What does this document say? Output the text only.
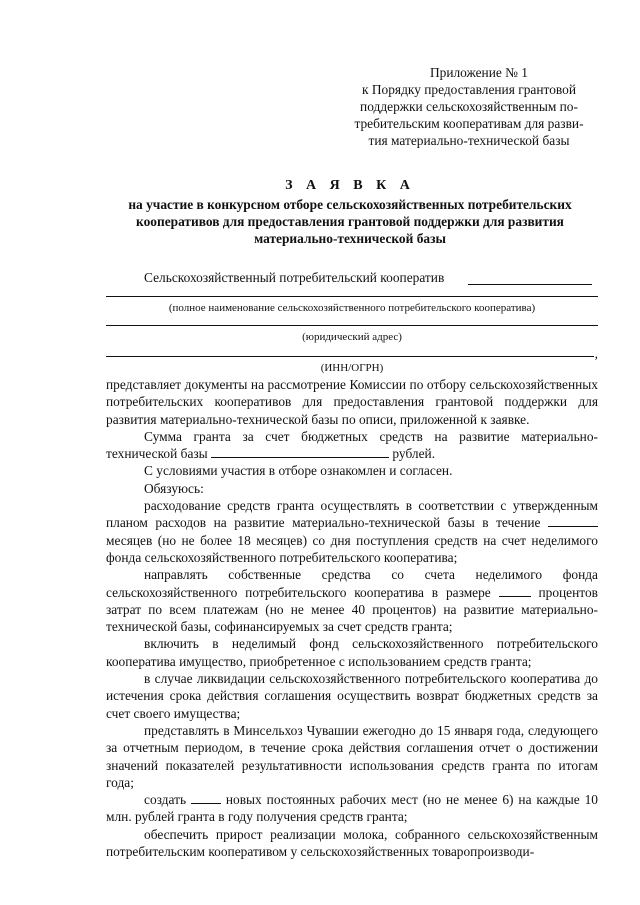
Приложение № 1
к Порядку предоставления грантовой
поддержки сельскохозяйственным по-
требительским кооперативам для разви-
тия материально-технической базы
З А Я В К А
на участие в конкурсном отборе сельскохозяйственных потребительских кооперативов для предоставления грантовой поддержки для развития материально-технической базы
Сельскохозяйственный потребительский кооператив
(полное наименование сельскохозяйственного потребительского кооператива)
(юридический адрес)
,
(ИНН/ОГРН)

представляет документы на рассмотрение Комиссии по отбору сельскохозяйственных потребительских кооперативов для предоставления грантовой поддержки для развития материально-технической базы по описи, приложенной к заявке.

Сумма гранта за счет бюджетных средств на развитие материально-технической базы	рублей.

С условиями участия в отборе ознакомлен и согласен.

Обязуюсь:

расходование средств гранта осуществлять в соответствии с утвержденным планом расходов на развитие материально-технической базы в течение  месяцев (но не более 18 месяцев) со дня поступления средств на счет неделимого фонда сельскохозяйственного потребительского кооператива;

направлять собственные средства со счета неделимого фонда сельскохозяйственного потребительского кооператива в размере	процентов затрат по всем платежам (но не менее 40 процентов) на развитие материально-технической базы, софинансируемых за счет средств гранта;

включить в неделимый фонд сельскохозяйственного потребительского кооператива имущество, приобретенное с использованием средств гранта;

в случае ликвидации сельскохозяйственного потребительского кооператива до истечения срока действия соглашения осуществить возврат бюджетных средств за счет своего имущества;

представлять в Минсельхоз Чувашии ежегодно до 15 января года, следующего за отчетным периодом, в течение срока действия соглашения отчет о достижении значений показателей результативности использования средств гранта по итогам года;

создать	новых постоянных рабочих мест (но не менее 6) на каждые 10 млн. рублей гранта в году получения средств гранта;

обеспечить прирост реализации молока, собранного сельскохозяйственным потребительским кооперативом у сельскохозяйственных товаропроизводи-
